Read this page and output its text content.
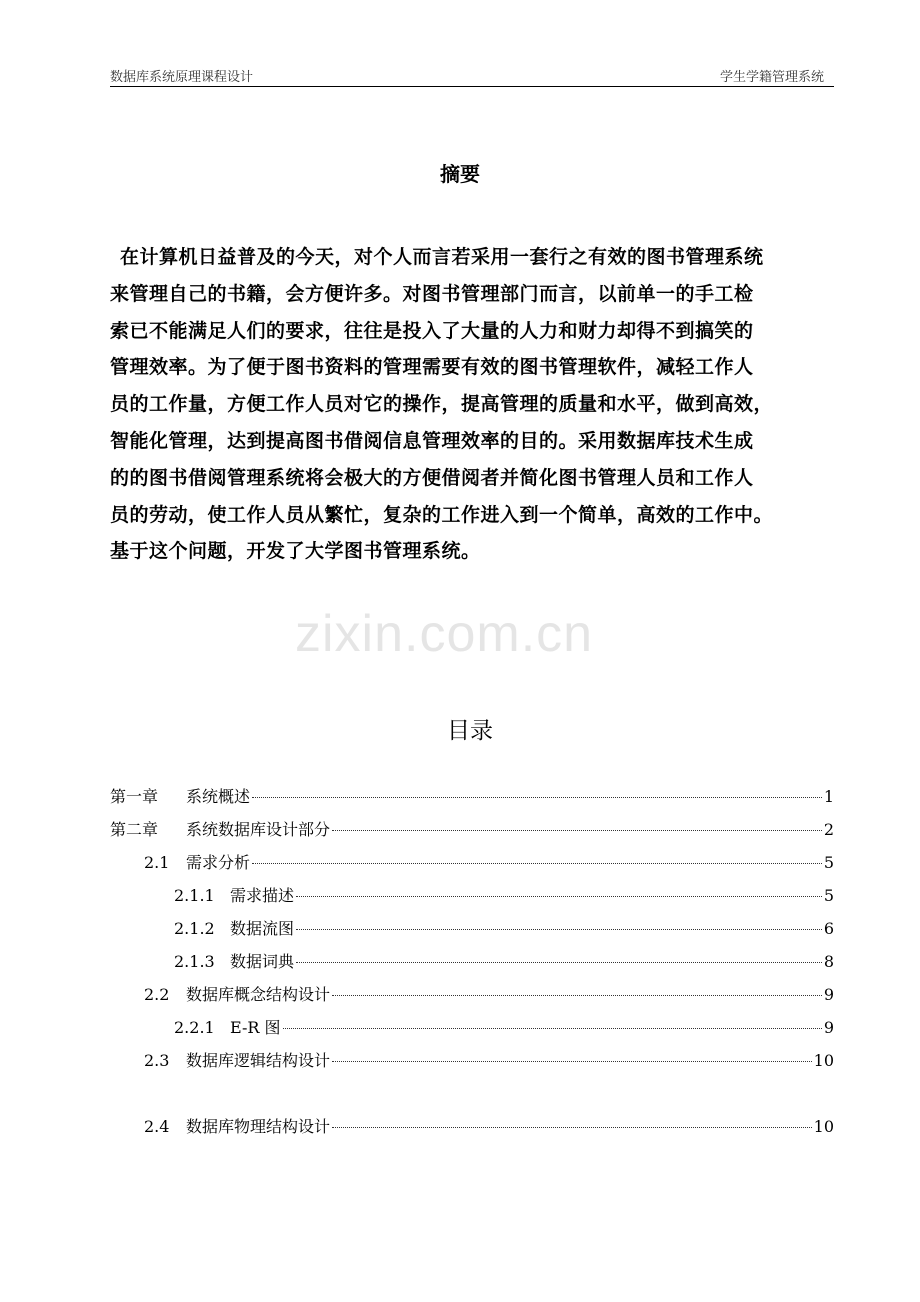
数据库系统原理课程设计	学生学籍管理系统
摘要
在计算机日益普及的今天，对个人而言若采用一套行之有效的图书管理系统
来管理自己的书籍，会方便许多。对图书管理部门而言，以前单一的手工检
索已不能满足人们的要求，往往是投入了大量的人力和财力却得不到搞笑的
管理效率。为了便于图书资料的管理需要有效的图书管理软件，减轻工作人
员的工作量，方便工作人员对它的操作，提高管理的质量和水平，做到高效，
智能化管理，达到提高图书借阅信息管理效率的目的。采用数据库技术生成
的的图书借阅管理系统将会极大的方便借阅者并简化图书管理人员和工作人
员的劳动，使工作人员从繁忙，复杂的工作进入到一个简单，高效的工作中。
基于这个问题，开发了大学图书管理系统。
zixin.com.cn
目录
第一章	系统概述	1
第二章	系统数据库设计部分	2
2.1	需求分析	5
2.1.1 需求描述	5
2.1.2 数据流图	6
2.1.3 数据词典	8
2.2	数据库概念结构设计	9
2.2.1 E-R 图	9
2.3	数据库逻辑结构设计	10
2.4	数据库物理结构设计	10
